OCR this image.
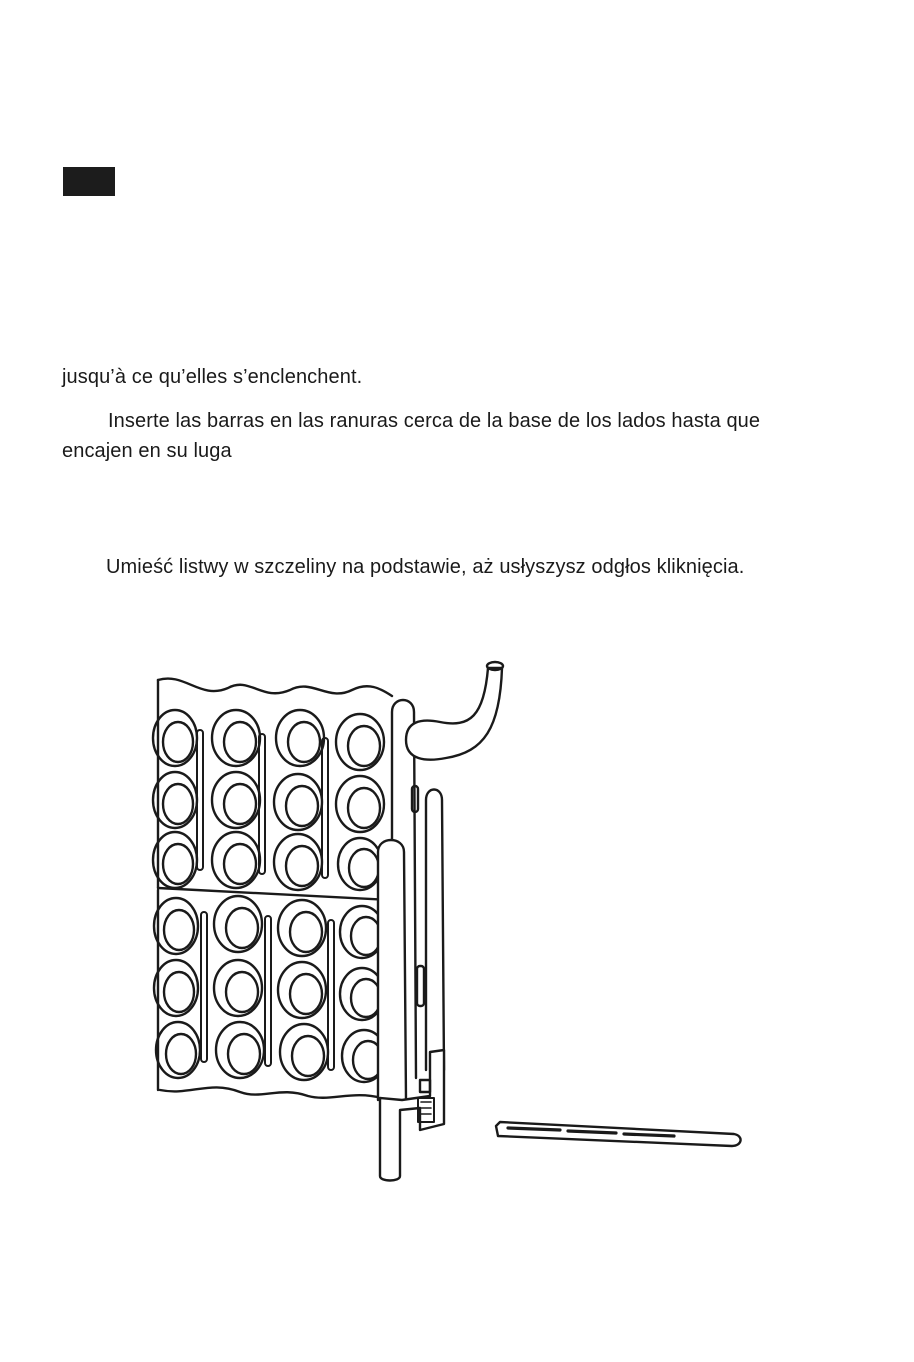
jusqu’à ce qu’elles s’enclenchent.
Inserte las barras en las ranuras cerca de la base de los lados hasta que
encajen en su luga
Umieść listwy w szczeliny na podstawie, aż usłyszysz odgłos kliknięcia.
